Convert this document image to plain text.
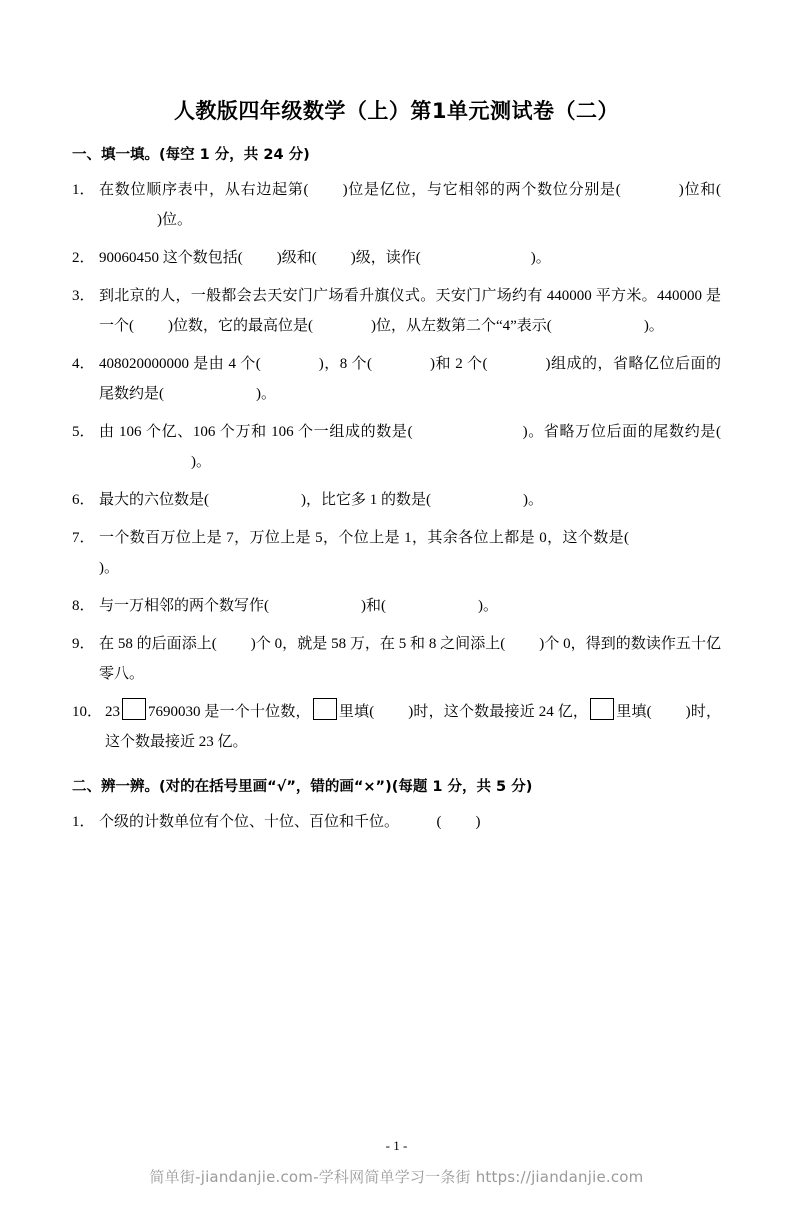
人教版四年级数学（上）第1单元测试卷（二）
一、填一填。(每空 1 分，共 24 分)
1． 在数位顺序表中，从右边起第( )位是亿位，与它相邻的两个数位分别是(	)位和()位。
2． 90060450 这个数包括( )级和( )级，读作(	)。
3． 到北京的人，一般都会去天安门广场看升旗仪式。天安门广场约有 440000 平方米。440000 是一个( )位数，它的最高位是(	)位，从左数第二个“4”表示(	)。
4． 408020000000 是由 4 个(	)，8 个(	)和 2 个(	)组成的，省略亿位后面的尾数约是(	)。
5． 由 106 个亿、106 个万和 106 个一组成的数是(	)。省略万位后面的尾数约是()。
6． 最大的六位数是(	)，比它多 1 的数是(	)。
7． 一个数百万位上是 7，万位上是 5，个位上是 1，其余各位上都是 0，这个数是()。
8． 与一万相邻的两个数写作(	)和(	)。
9． 在 58 的后面添上( )个 0，就是 58 万，在 5 和 8 之间添上( )个 0，得到的数读作五十亿零八。
10． 23 7690030 是一个十位数， 里填( )时，这个数最接近 24 亿， 里填( )时，这个数最接近 23 亿。
二、辨一辨。(对的在括号里画“√”，错的画“×”)(每题 1 分，共 5 分)
1． 个级的计数单位有个位、十位、百位和千位。　　　( )
- 1 -
简单街-jiandanjie.com-学科网简单学习一条街 https://jiandanjie.com
